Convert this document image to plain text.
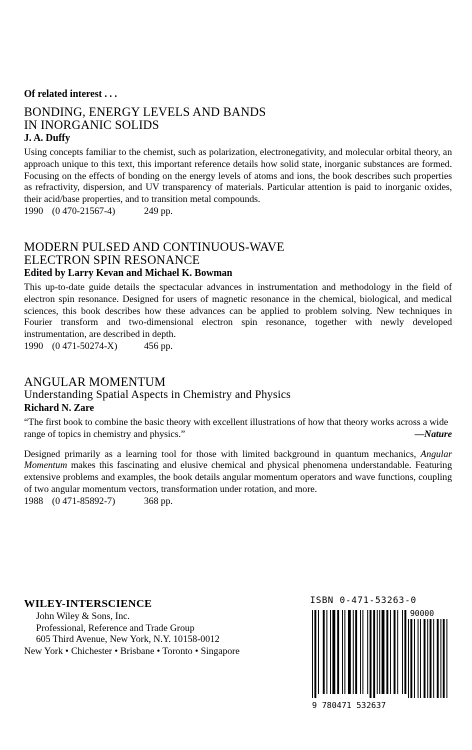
Of related interest . . .
BONDING, ENERGY LEVELS AND BANDS
IN INORGANIC SOLIDS
J. A. Duffy
Using concepts familiar to the chemist, such as polarization, electronegativity, and molecular orbital theory, an approach unique to this text, this important reference details how solid state, inorganic substances are formed. Focusing on the effects of bonding on the energy levels of atoms and ions, the book describes such properties as refractivity, dispersion, and UV transparency of materials. Particular attention is paid to inorganic oxides, their acid/base properties, and to transition metal compounds.
1990 (0 470-21567-4)	249 pp.
MODERN PULSED AND CONTINUOUS-WAVE
ELECTRON SPIN RESONANCE
Edited by Larry Kevan and Michael K. Bowman
This up-to-date guide details the spectacular advances in instrumentation and methodology in the field of electron spin resonance. Designed for users of magnetic resonance in the chemical, biological, and medical sciences, this book describes how these advances can be applied to problem solving. New techniques in Fourier transform and two-dimensional electron spin resonance, together with newly developed instrumentation, are described in depth.
1990 (0 471-50274-X)	456 pp.
ANGULAR MOMENTUM
Understanding Spatial Aspects in Chemistry and Physics
Richard N. Zare
“The first book to combine the basic theory with excellent illustrations of how that theory works across a wide range of topics in chemistry and physics.”	—Nature
Designed primarily as a learning tool for those with limited background in quantum mechanics, Angular Momentum makes this fascinating and elusive chemical and physical phenomena understandable. Featuring extensive problems and examples, the book details angular momentum operators and wave functions, coupling of two angular momentum vectors, transformation under rotation, and more.
1988 (0 471-85892-7)	368 pp.
WILEY-INTERSCIENCE
John Wiley & Sons, Inc.
Professional, Reference and Trade Group
605 Third Avenue, New York, N.Y. 10158-0012
New York • Chichester • Brisbane • Toronto • Singapore
ISBN 0-471-53263-0
90000
9 780471 532637
